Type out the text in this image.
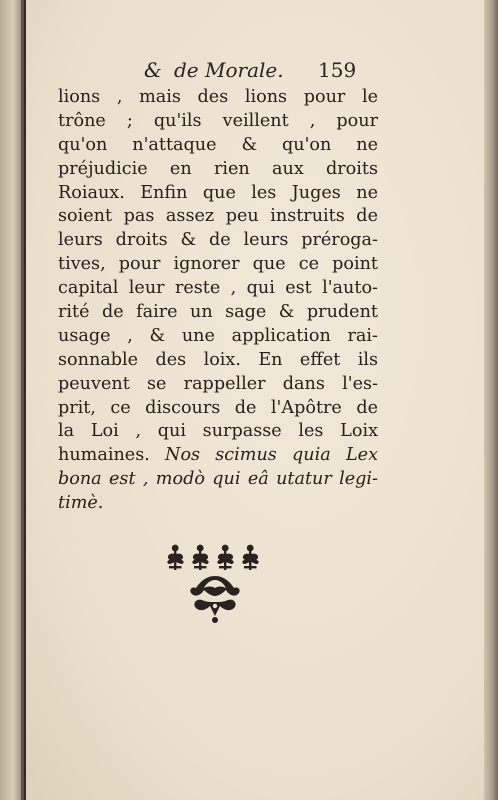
& de Morale. 159
lions , mais des lions pour le
trône ; qu'ils veillent , pour
qu'on n'attaque & qu'on ne
préjudicie en rien aux droits
Roiaux. Enfin que les Juges ne
soient pas assez peu instruits de
leurs droits & de leurs préroga-
tives, pour ignorer que ce point
capital leur reste , qui est l'auto-
rité de faire un sage & prudent
usage , & une application rai-
sonnable des loix. En effet ils
peuvent se rappeller dans l'es-
prit, ce discours de l'Apôtre de
la Loi , qui surpasse les Loix
humaines. Nos scimus quia Lex
bona est , modò qui eâ utatur legi-
timè.
